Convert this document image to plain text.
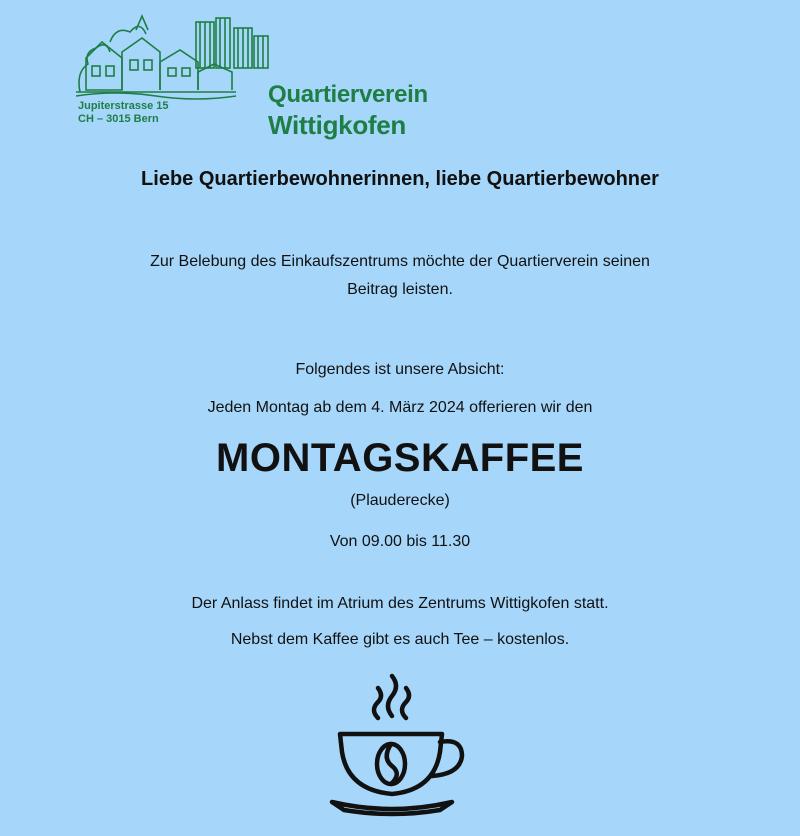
Jupiterstrasse 15
CH – 3015 Bern
Quartierverein
Wittigkofen
Liebe Quartierbewohnerinnen, liebe Quartierbewohner
Zur Belebung des Einkaufszentrums möchte der Quartierverein seinen
Beitrag leisten.
Folgendes ist unsere Absicht:
Jeden Montag ab dem 4. März 2024 offerieren wir den
MONTAGSKAFFEE
(Plauderecke)
Von 09.00 bis 11.30
Der Anlass findet im Atrium des Zentrums Wittigkofen statt.
Nebst dem Kaffee gibt es auch Tee – kostenlos.
